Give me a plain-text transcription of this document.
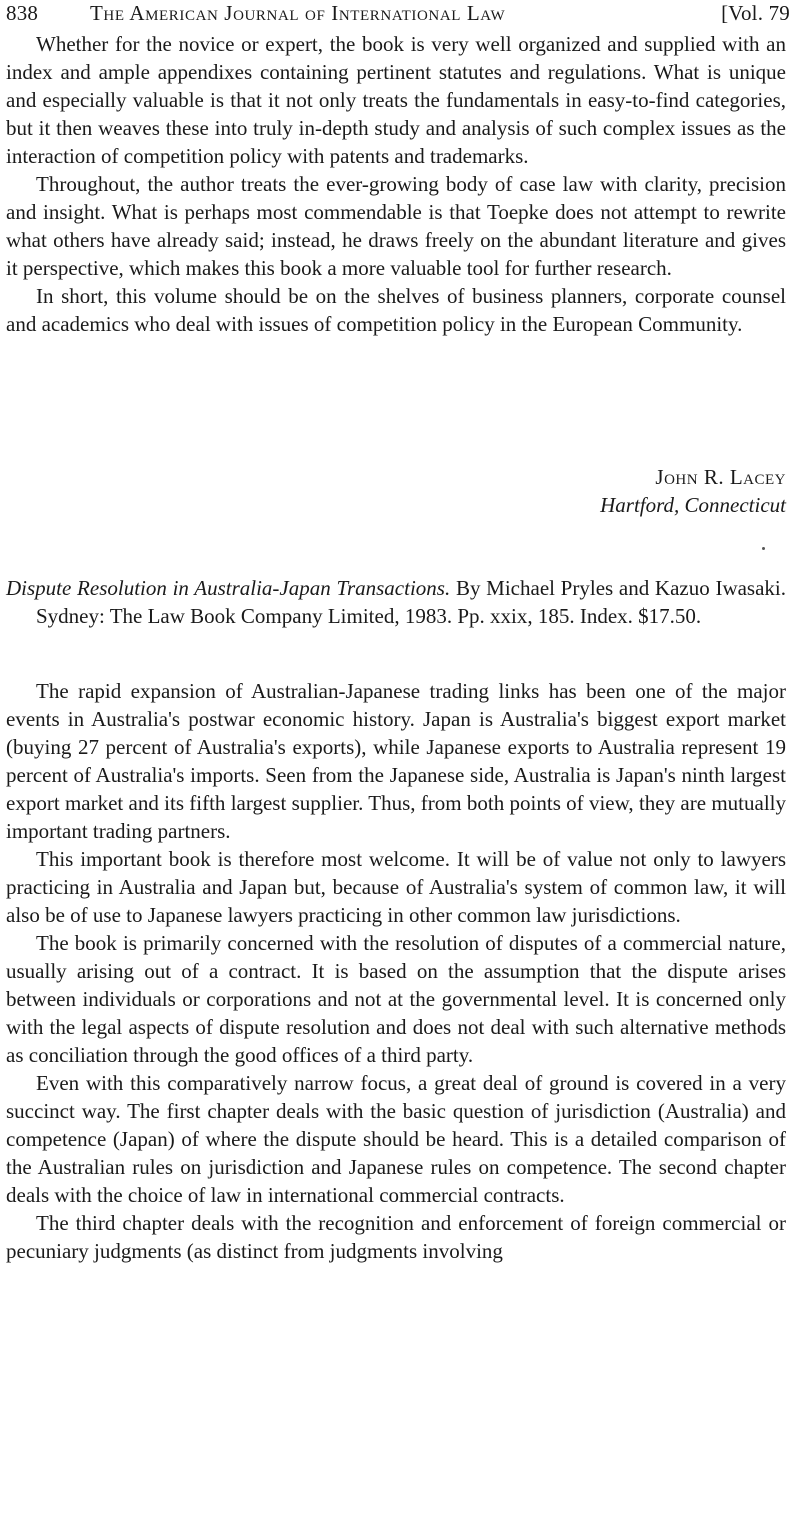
838 The American Journal of International Law	[Vol. 79

Whether for the novice or expert, the book is very well organized and supplied with an index and ample appendixes containing pertinent statutes and regulations. What is unique and especially valuable is that it not only treats the fundamentals in easy-to-find categories, but it then weaves these into truly in-depth study and analysis of such complex issues as the interaction of competition policy with patents and trademarks.

Throughout, the author treats the ever-growing body of case law with clarity, precision and insight. What is perhaps most commendable is that Toepke does not attempt to rewrite what others have already said; instead, he draws freely on the abundant literature and gives it perspective, which makes this book a more valuable tool for further research.

In short, this volume should be on the shelves of business planners, corporate counsel and academics who deal with issues of competition policy in the European Community.

John R. Lacey
Hartford, Connecticut
Dispute Resolution in Australia-Japan Transactions. By Michael Pryles and Kazuo Iwasaki. Sydney: The Law Book Company Limited, 1983. Pp. xxix, 185. Index. $17.50.

The rapid expansion of Australian-Japanese trading links has been one of the major events in Australia's postwar economic history. Japan is Australia's biggest export market (buying 27 percent of Australia's exports), while Japanese exports to Australia represent 19 percent of Australia's imports. Seen from the Japanese side, Australia is Japan's ninth largest export market and its fifth largest supplier. Thus, from both points of view, they are mutually important trading partners.

This important book is therefore most welcome. It will be of value not only to lawyers practicing in Australia and Japan but, because of Australia's system of common law, it will also be of use to Japanese lawyers practicing in other common law jurisdictions.

The book is primarily concerned with the resolution of disputes of a commercial nature, usually arising out of a contract. It is based on the assumption that the dispute arises between individuals or corporations and not at the governmental level. It is concerned only with the legal aspects of dispute resolution and does not deal with such alternative methods as conciliation through the good offices of a third party.

Even with this comparatively narrow focus, a great deal of ground is covered in a very succinct way. The first chapter deals with the basic question of jurisdiction (Australia) and competence (Japan) of where the dispute should be heard. This is a detailed comparison of the Australian rules on jurisdiction and Japanese rules on competence. The second chapter deals with the choice of law in international commercial contracts.

The third chapter deals with the recognition and enforcement of foreign commercial or pecuniary judgments (as distinct from judgments involving
